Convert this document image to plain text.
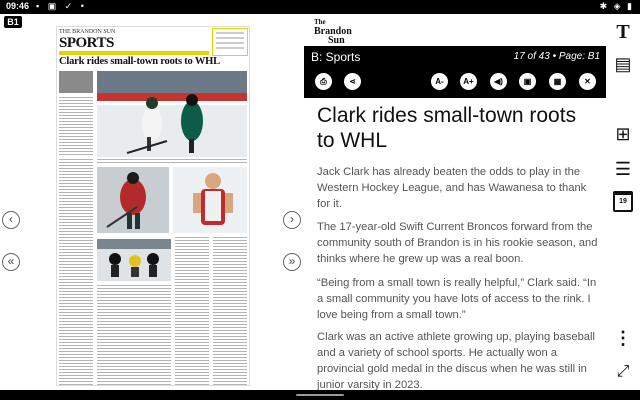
09:46 ▪ ▣ ✓ •	✱ ◈ ▮
B1
‹
«
›
»
THE BRANDON SUN
SPORTS
Clark rides small-town roots to WHL
The
Brandon
Sun
B: Sports	17 of 43 • Page: B1
⎙	⋖	A-	A+	◀)	▣	▦	✕
Clark rides small-town roots to WHL

Jack Clark has already beaten the odds to play in the Western Hockey League, and has Wawanesa to thank for it.

The 17-year-old Swift Current Broncos forward from the community south of Brandon is in his rookie season, and thinks where he grew up was a real boon.

“Being from a small town is really helpful,” Clark said. “In a small community you have lots of access to the rink. I love being from a small town.”

Clark was an active athlete growing up, playing baseball and a variety of school sports. He actually won a provincial gold medal in the discus when he was still in junior varsity in 2023.

T
▤
⊞
☰
19
⋮
⤢
